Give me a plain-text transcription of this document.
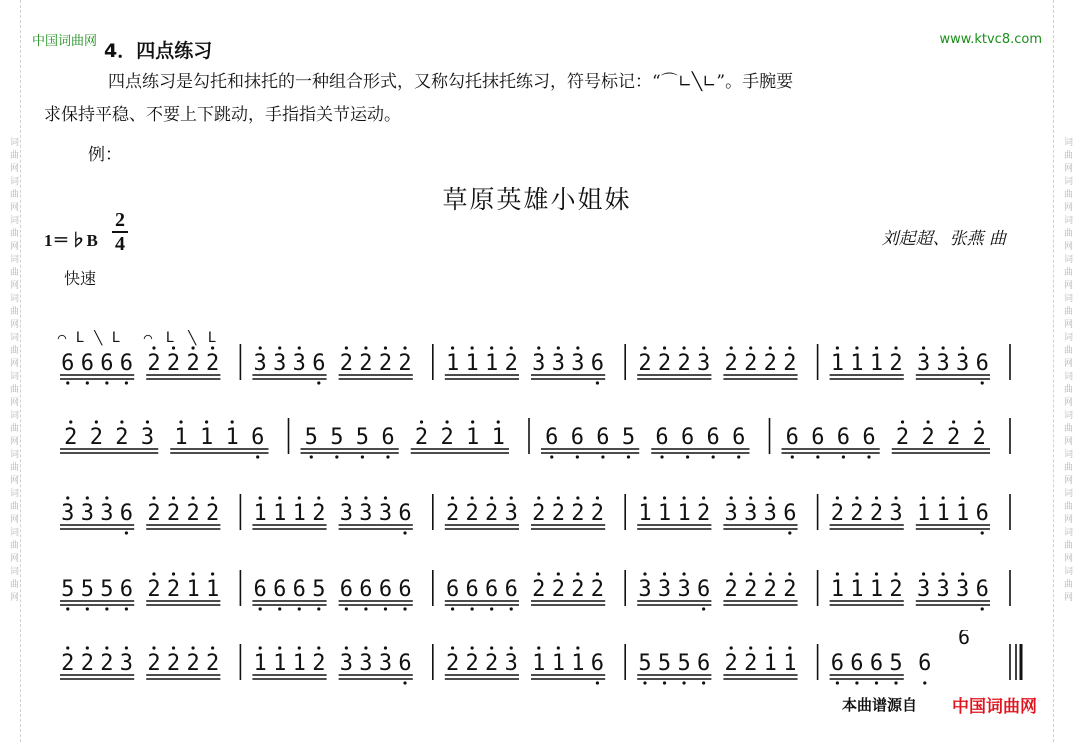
词曲网词曲网词曲网词曲网词曲网词曲网词曲网词曲网词曲网词曲网词曲网词曲网	词曲网词曲网词曲网词曲网词曲网词曲网词曲网词曲网词曲网词曲网词曲网词曲网
中国词曲网	www.ktvc8.com
4．四点练习
四点练习是勾托和抹托的一种组合形式，又称勾托抹托练习，符号标记：“⌒∟╲∟”。手腕要
求保持平稳、不要上下跳动，手指指关节运动。
例：
草原英雄小姐妹
1＝♭B
2
4	刘起超、张燕 曲
快速
6 6 6 6 2 2 2 2 3 3 3 6 2 2 2 2 1 1 1 2 3 3 3 6 2 2 2 3 2 2 2 2 1 1 1 2 3 3 3 6
⌒ L ╲ L ⌒ L ╲ L
2 2 2 3 1 1 1 6 5 5 5 6 2 2 1 1 6 6 6 5 6 6 6 6 6 6 6 6 2 2 2 2
3 3 3 6 2 2 2 2 1 1 1 2 3 3 3 6 2 2 2 3 2 2 2 2 1 1 1 2 3 3 3 6 2 2 2 3 1 1 1 6
5 5 5 6 2 2 1 1 6 6 6 5 6 6 6 6 6 6 6 6 2 2 2 2 3 3 3 6 2 2 2 2 1 1 1 2 3 3 3 6
2 2 2 3 2 2 2 2 1 1 1 2 3 3 3 6 2 2 2 3 1 1 1 6 5 5 5 6 2 2 1 1 6 6 6 5 6
6
本曲谱源自 中国词曲网
